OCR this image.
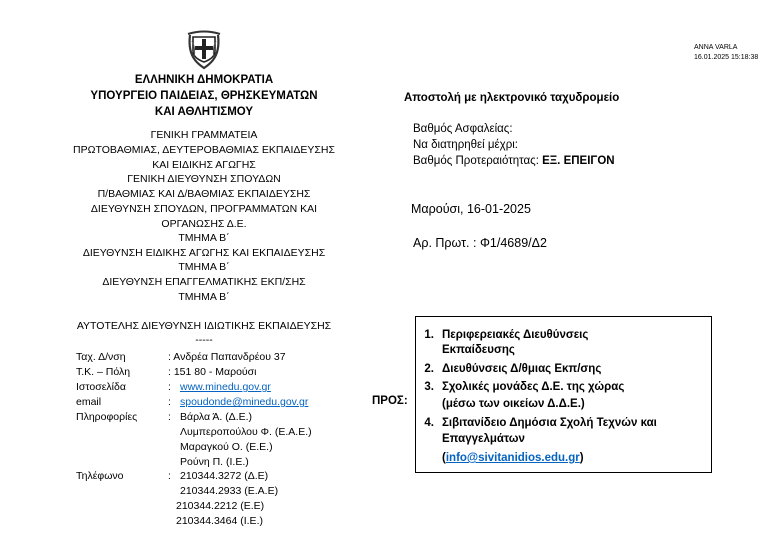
ANNA VARLA
16.01.2025 15:18:38
ΕΛΛΗΝΙΚΗ ΔΗΜΟΚΡΑΤΙΑ
ΥΠΟΥΡΓΕΙΟ ΠΑΙΔΕΙΑΣ, ΘΡΗΣΚΕΥΜΑΤΩΝ
ΚΑΙ ΑΘΛΗΤΙΣΜΟΥ
ΓΕΝΙΚΗ ΓΡΑΜΜΑΤΕΙΑ
ΠΡΩΤΟΒΑΘΜΙΑΣ, ΔΕΥΤΕΡΟΒΑΘΜΙΑΣ ΕΚΠΑΙΔΕΥΣΗΣ
ΚΑΙ ΕΙΔΙΚΗΣ ΑΓΩΓΗΣ
ΓΕΝΙΚΗ ΔΙΕΥΘΥΝΣΗ ΣΠΟΥΔΩΝ
Π/ΒΑΘΜΙΑΣ ΚΑΙ Δ/ΒΑΘΜΙΑΣ ΕΚΠΑΙΔΕΥΣΗΣ
ΔΙΕΥΘΥΝΣΗ ΣΠΟΥΔΩΝ, ΠΡΟΓΡΑΜΜΑΤΩΝ ΚΑΙ
ΟΡΓΑΝΩΣΗΣ Δ.Ε.
ΤΜΗΜΑ Β΄
ΔΙΕΥΘΥΝΣΗ ΕΙΔΙΚΗΣ ΑΓΩΓΗΣ ΚΑΙ ΕΚΠΑΙΔΕΥΣΗΣ
ΤΜΗΜΑ Β΄
ΔΙΕΥΘΥΝΣΗ ΕΠΑΓΓΕΛΜΑΤΙΚΗΣ ΕΚΠ/ΣΗΣ
ΤΜΗΜΑ Β΄
ΑΥΤΟΤΕΛΗΣ ΔΙΕΥΘΥΝΣΗ ΙΔΙΩΤΙΚΗΣ ΕΚΠΑΙΔΕΥΣΗΣ
-----
Ταχ. Δ/νση	: Ανδρέα Παπανδρέου 37
Τ.Κ. – Πόλη	: 151 80 - Μαρούσι
Ιστοσελίδα	: www.minedu.gov.gr
email	: spoudonde@minedu.gov.gr
Πληροφορίες	: Βάρλα Ά. (Δ.Ε.)
Λυμπεροπούλου Φ. (Ε.Α.Ε.)
Μαραγκού Ο. (Ε.Ε.)
Ρούνη Π. (Ι.Ε.)
Τηλέφωνο	: 210344.3272 (Δ.Ε)
210344.2933 (Ε.Α.Ε)
210344.2212 (Ε.Ε)
210344.3464 (Ι.Ε.)
Αποστολή με ηλεκτρονικό ταχυδρομείο
Βαθμός Ασφαλείας:
Να διατηρηθεί μέχρι:
Βαθμός Προτεραιότητας: ΕΞ. ΕΠΕΙΓΟΝ
Μαρούσι, 16-01-2025
Αρ. Πρωτ. : Φ1/4689/Δ2
ΠΡΟΣ:
1. Περιφερειακές Διευθύνσεις
Εκπαίδευσης
2. Διευθύνσεις Δ/θμιας Εκπ/σης
3. Σχολικές μονάδες Δ.Ε. της χώρας
(μέσω των οικείων Δ.Δ.Ε.)
4. Σιβιτανίδειο Δημόσια Σχολή Τεχνών και
Επαγγελμάτων
(info@sivitanidios.edu.gr)
